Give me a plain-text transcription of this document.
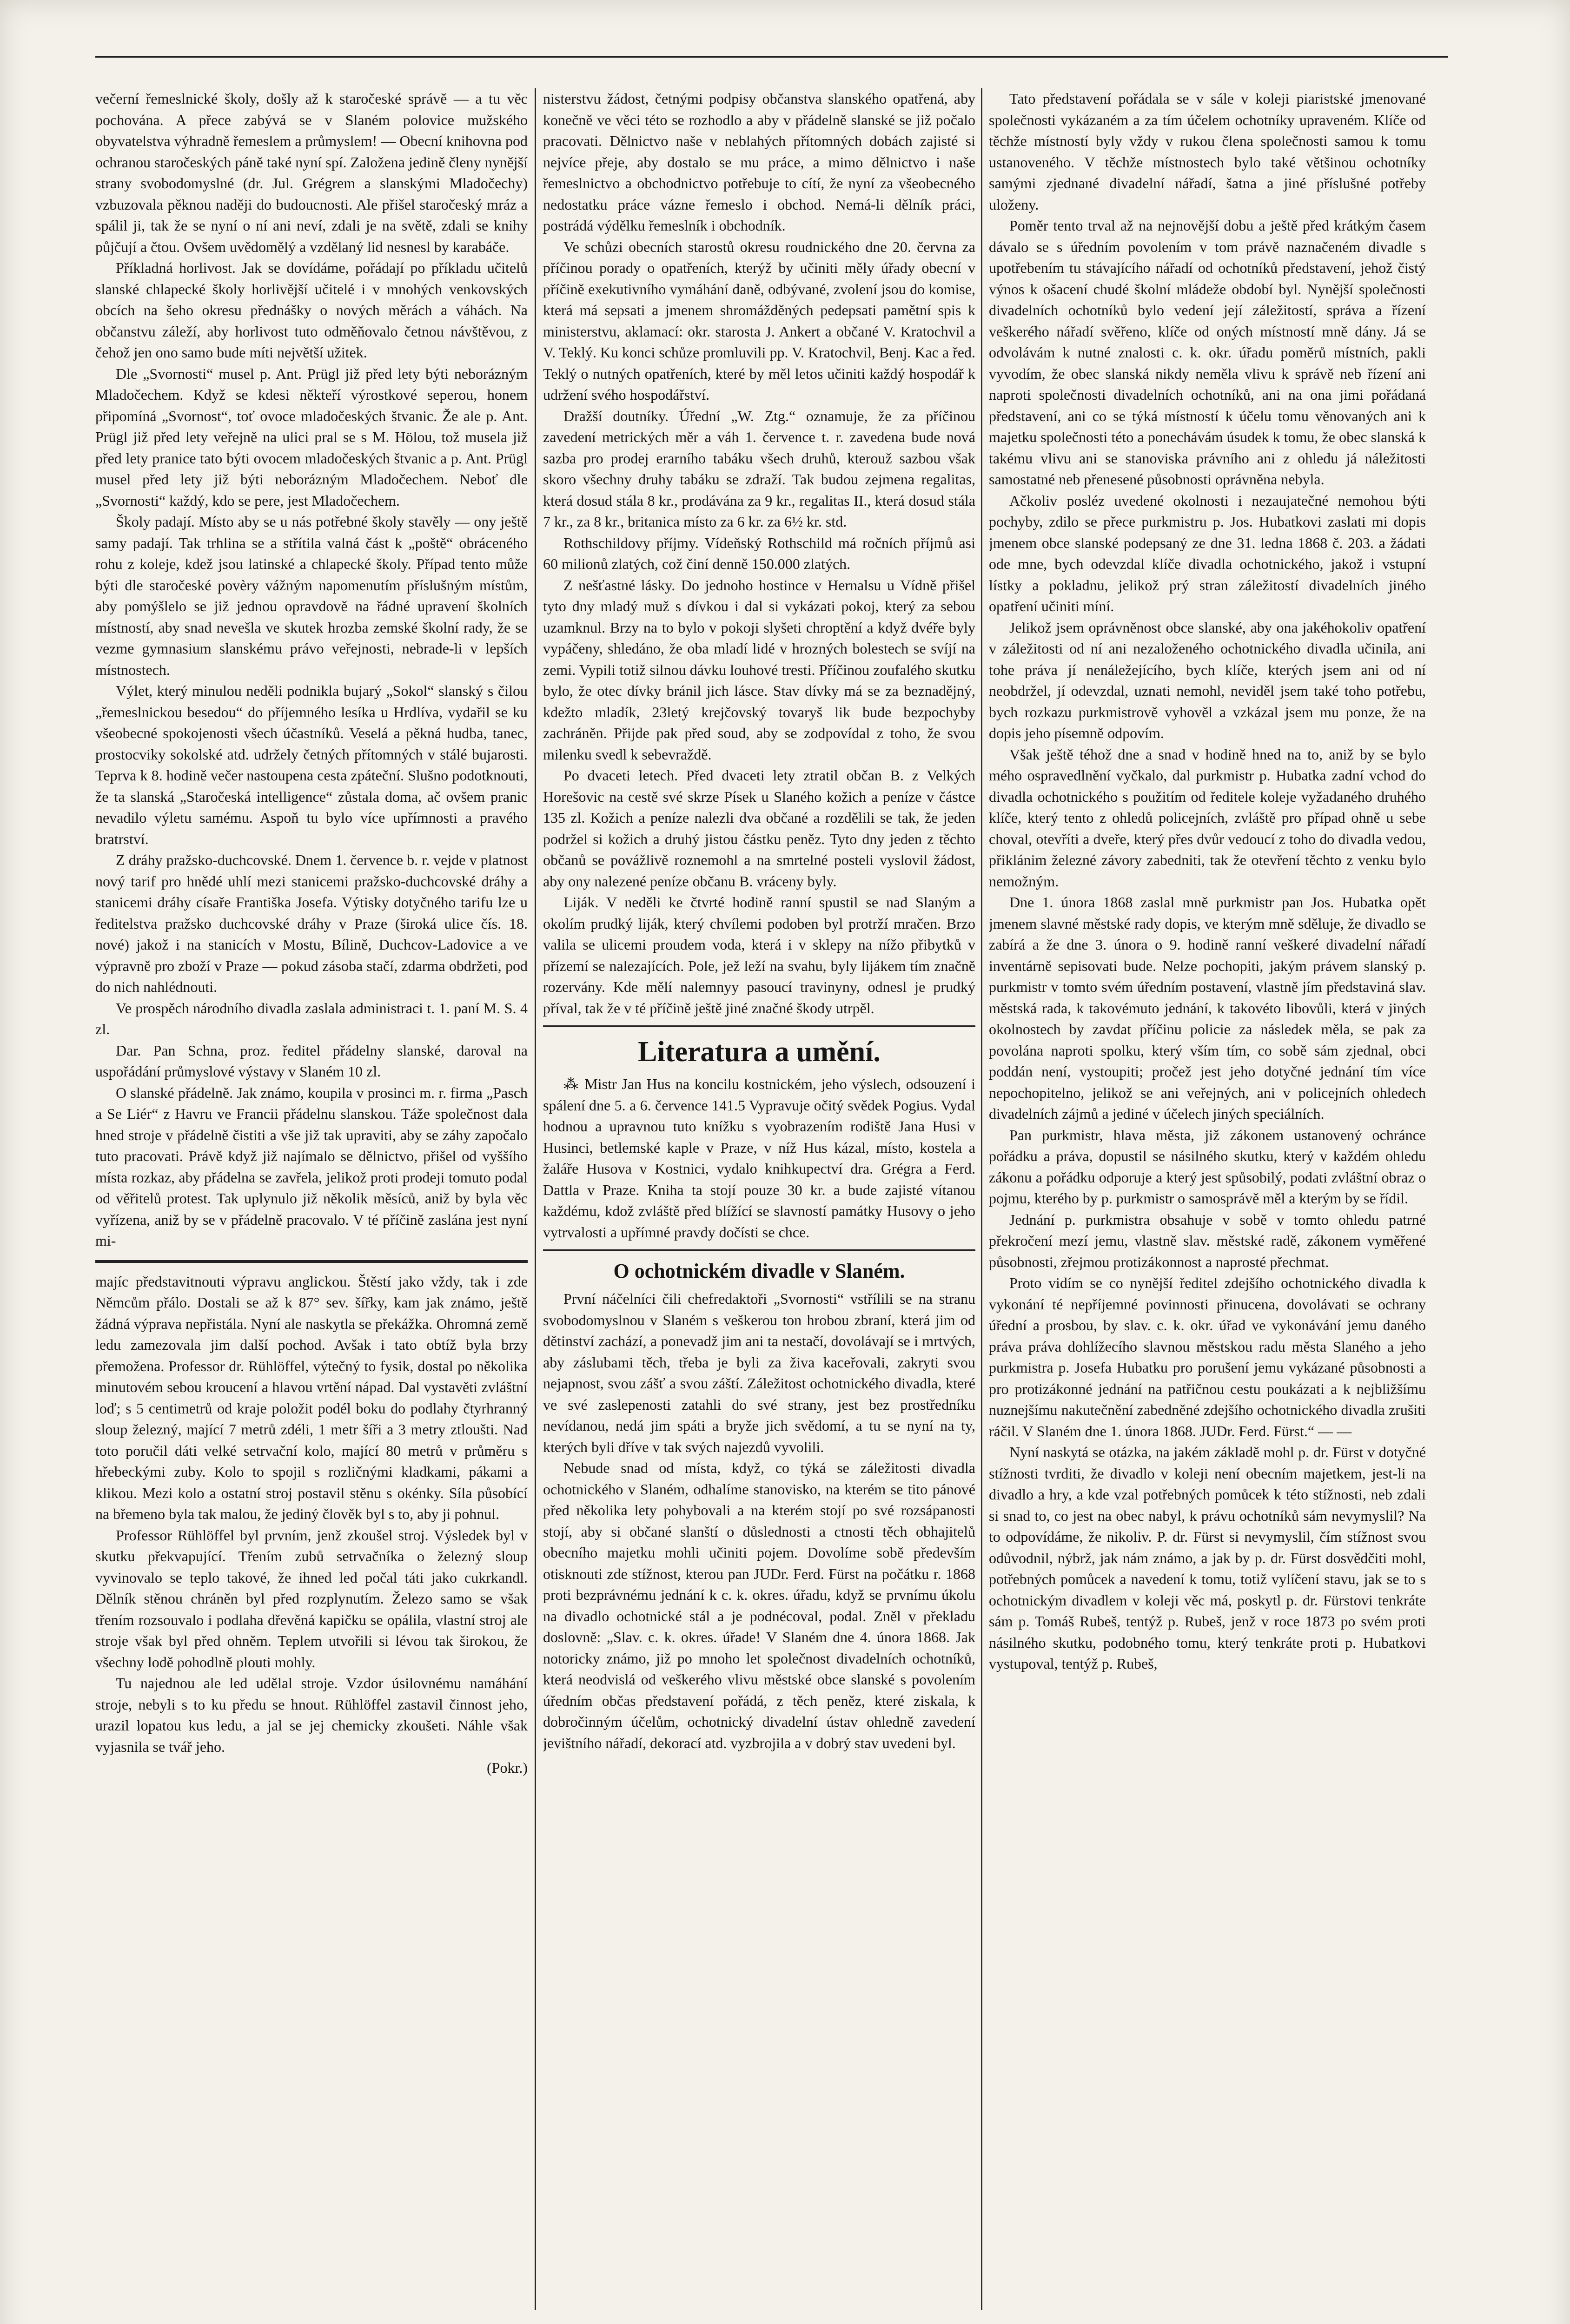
večerní řemeslnické školy, došly až k staročeské správě — a tu věc pochována. A přece zabývá se v Slaném polovice mužského obyvatelstva výhradně řemeslem a průmyslem! — Obecní knihovna pod ochranou staročeských páně také nyní spí. Založena jedině členy nynější strany svobodomyslné (dr. Jul. Grégrem a slanskými Mladočechy) vzbuzovala pěknou naději do budoucnosti. Ale přišel staročeský mráz a spálil ji, tak že se nyní o ní ani neví, zdali je na světě, zdali se knihy půjčují a čtou. Ovšem uvědomělý a vzdělaný lid nesnesl by karabáče.

Příkladná horlivost. Jak se dovídáme, pořádají po příkladu učitelů slanské chlapecké školy horlivější učitelé i v mnohých venkovských obcích na šeho okresu přednášky o nových měrách a váhách. Na občanstvu záleží, aby horlivost tuto odměňovalo četnou návštěvou, z čehož jen ono samo bude míti největší užitek.

Dle „Svornosti“ musel p. Ant. Prügl již před lety býti neborázným Mladočechem. Když se kdesi někteří výrostkové seperou, honem připomíná „Svornost“, toť ovoce mladočeských štvanic. Že ale p. Ant. Prügl již před lety veřejně na ulici pral se s M. Hölou, tož musela již před lety pranice tato býti ovocem mladočeských štvanic a p. Ant. Prügl musel před lety již býti neborázným Mladočechem. Neboť dle „Svornosti“ každý, kdo se pere, jest Mladočechem.

Školy padají. Místo aby se u nás potřebné školy stavěly — ony ještě samy padají. Tak trhlina se a střítila valná část k „poště“ obráceného rohu z koleje, kdež jsou latinské a chlapecké školy. Případ tento může býti dle staročeské povèry vážným napomenutím příslušným místům, aby pomýšlelo se již jednou opravdově na řádné upravení školních místností, aby snad nevešla ve skutek hrozba zemské školní rady, že se vezme gymnasium slanskému právo veřejnosti, nebrade-li v lepších místnostech.

Výlet, který minulou neděli podnikla bujarý „Sokol“ slanský s čilou „řemeslnickou besedou“ do příjemného lesíka u Hrdlíva, vydařil se ku všeobecné spokojenosti všech účastníků. Veselá a pěkná hudba, tanec, prostocviky sokolské atd. udržely četných přítomných v stálé bujarosti. Teprva k 8. hodině večer nastoupena cesta zpáteční. Slušno podotknouti, že ta slanská „Staročeská intelligence“ zůstala doma, ač ovšem pranic nevadilo výletu samému. Aspoň tu bylo více upřímnosti a pravého bratrství.

Z dráhy pražsko-duchcovské. Dnem 1. července b. r. vejde v platnost nový tarif pro hnědé uhlí mezi stanicemi pražsko-duchcovské dráhy a stanicemi dráhy císaře Františka Josefa. Výtisky dotyčného tarifu lze u ředitelstva pražsko duchcovské dráhy v Praze (široká ulice čís. 18. nové) jakož i na stanicích v Mostu, Bílině, Duchcov-Ladovice a ve výpravně pro zboží v Praze — pokud zásoba stačí, zdarma obdržeti, pod do nich nahlédnouti.

Ve prospěch národního divadla zaslala administraci t. 1. paní M. S. 4 zl.

Dar. Pan Schna, proz. ředitel přádelny slanské, daroval na uspořádání průmyslové výstavy v Slaném 10 zl.

O slanské přádelně. Jak známo, koupila v prosinci m. r. firma „Pasch a Se Liér“ z Havru ve Francii přádelnu slanskou. Táže společnost dala hned stroje v přádelně čistiti a vše již tak upraviti, aby se záhy započalo tuto pracovati. Právě když již najímalo se dělnictvo, přišel od vyššího místa rozkaz, aby přádelna se zavřela, jelikož proti prodeji tomuto podal od věřitelů protest. Tak uplynulo již několik měsíců, aniž by byla věc vyřízena, aniž by se v přádelně pracovalo. V té příčině zaslána jest nyní mi-

majíc představitnouti výpravu anglickou. Štěstí jako vždy, tak i zde Němcům přálo. Dostali se až k 87° sev. šířky, kam jak známo, ještě žádná výprava nepřistála. Nyní ale naskytla se překážka. Ohromná země ledu zamezovala jim další pochod. Avšak i tato obtíž byla brzy přemožena. Professor dr. Rühlöffel, výtečný to fysik, dostal po několika minutovém sebou kroucení a hlavou vrtění nápad. Dal vystavěti zvláštní loď; s 5 centimetrů od kraje položit podél boku do podlahy čtyrhranný sloup železný, mající 7 metrů zdéli, 1 metr šíři a 3 metry ztloušti. Nad toto poručil dáti velké setrvační kolo, mající 80 metrů v průměru s hřebeckými zuby. Kolo to spojil s rozličnými kladkami, pákami a klikou. Mezi kolo a ostatní stroj postavil stěnu s okénky. Síla působící na břemeno byla tak malou, že jediný člověk byl s to, aby ji pohnul.

Professor Rühlöffel byl prvním, jenž zkoušel stroj. Výsledek byl v skutku překvapující. Třením zubů setrvačníka o železný sloup vyvinovalo se teplo takové, že ihned led počal táti jako cukrkandl. Dělník stěnou chráněn byl před rozplynutím. Železo samo se však třením rozsouvalo i podlaha dřevěná kapičku se opálila, vlastní stroj ale stroje však byl před ohněm. Teplem utvořili si lévou tak širokou, že všechny lodě pohodlně plouti mohly.

Tu najednou ale led udělal stroje. Vzdor úsilovnému namáhání stroje, nebyli s to ku předu se hnout. Rühlöffel zastavil činnost jeho, urazil lopatou kus ledu, a jal se jej chemicky zkoušeti. Náhle však vyjasnila se tvář jeho.

(Pokr.)

nisterstvu žádost, četnými podpisy občanstva slanského opatřená, aby konečně ve věci této se rozhodlo a aby v přádelně slanské se již počalo pracovati. Dělnictvo naše v neblahých přítomných dobách zajisté si nejvíce přeje, aby dostalo se mu práce, a mimo dělnictvo i naše řemeslnictvo a obchodnictvo potřebuje to cítí, že nyní za všeobecného nedostatku práce vázne řemeslo i obchod. Nemá-li dělník práci, postrádá výdělku řemeslník i obchodník.

Ve schůzi obecních starostů okresu roudnického dne 20. června za příčinou porady o opatřeních, kterýž by učiniti měly úřady obecní v příčině exekutivního vymáhání daně, odbývané, zvolení jsou do komise, která má sepsati a jmenem shromážděných pedepsati pamětní spis k ministerstvu, aklamací: okr. starosta J. Ankert a občané V. Kratochvil a V. Teklý. Ku konci schůze promluvili pp. V. Kratochvil, Benj. Kac a řed. Teklý o nutných opatřeních, které by měl letos učiniti každý hospodář k udržení svého hospodářství.

Dražší doutníky. Úřední „W. Ztg.“ oznamuje, že za příčinou zavedení metrických měr a váh 1. července t. r. zavedena bude nová sazba pro prodej erarního tabáku všech druhů, kterouž sazbou však skoro všechny druhy tabáku se zdraží. Tak budou zejmena regalitas, která dosud stála 8 kr., prodávána za 9 kr., regalitas II., která dosud stála 7 kr., za 8 kr., britanica místo za 6 kr. za 6½ kr. std.

Rothschildovy příjmy. Vídeňský Rothschild má ročních příjmů asi 60 milionů zlatých, což činí denně 150.000 zlatých.

Z nešťastné lásky. Do jednoho hostince v Hernalsu u Vídně přišel tyto dny mladý muž s dívkou i dal si vykázati pokoj, který za sebou uzamknul. Brzy na to bylo v pokoji slyšeti chroptění a když dvéře byly vypáčeny, shledáno, že oba mladí lidé v hrozných bolestech se svíjí na zemi. Vypili totiž silnou dávku louhové tresti. Příčinou zoufalého skutku bylo, že otec dívky bránil jich lásce. Stav dívky má se za beznadějný, kdežto mladík, 23letý krejčovský tovaryš lik bude bezpochyby zachráněn. Přijde pak před soud, aby se zodpovídal z toho, že svou milenku svedl k sebevraždě.

Po dvaceti letech. Před dvaceti lety ztratil občan B. z Velkých Horešovic na cestě své skrze Písek u Slaného kožich a peníze v částce 135 zl. Kožich a peníze nalezli dva občané a rozdělili se tak, že jeden podržel si kožich a druhý jistou částku peněz. Tyto dny jeden z těchto občanů se povážlivě roznemohl a na smrtelné posteli vyslovil žádost, aby ony nalezené peníze občanu B. vráceny byly.

Liják. V neděli ke čtvrté hodině ranní spustil se nad Slaným a okolím prudký liják, který chvílemi podoben byl protrží mračen. Brzo valila se ulicemi proudem voda, která i v sklepy na nížo přibytků v přízemí se nalezajících. Pole, jež leží na svahu, byly lijákem tím značně rozervány. Kde mělí nalemnyy pasoucí travinyny, odnesl je prudký příval, tak že v té příčině ještě jiné značné škody utrpěl.

Literatura a umění.

⁂ Mistr Jan Hus na koncilu kostnickém, jeho výslech, odsouzení i spálení dne 5. a 6. července 141.5 Vypravuje očitý svědek Pogius. Vydal hodnou a upravnou tuto knížku s vyobrazením rodiště Jana Husi v Husinci, betlemské kaple v Praze, v níž Hus kázal, místo, kostela a žaláře Husova v Kostnici, vydalo knihkupectví dra. Grégra a Ferd. Dattla v Praze. Kniha ta stojí pouze 30 kr. a bude zajisté vítanou každému, kdož zvláště před blížící se slavností památky Husovy o jeho vytrvalosti a upřímné pravdy dočísti se chce.

O ochotnickém divadle v Slaném.

První náčelníci čili chefredaktoři „Svornosti“ vstřílili se na stranu svobodomyslnou v Slaném s veškerou ton hrobou zbraní, která jim od dětinství zachází, a ponevadž jim ani ta nestačí, dovolávají se i mrtvých, aby záslubami těch, třeba je byli za živa kaceřovali, zakryti svou nejapnost, svou zášť a svou záští. Záležitost ochotnického divadla, které ve své zaslepenosti zatahli do své strany, jest bez prostředníku nevídanou, nedá jim spáti a bryže jich svědomí, a tu se nyní na ty, kterých byli dříve v tak svých najezdů vyvolili.

Nebude snad od místa, když, co týká se záležitosti divadla ochotnického v Slaném, odhalíme stanovisko, na kterém se tito pánové před několika lety pohybovali a na kterém stojí po své rozsápanosti stojí, aby si občané slanští o důslednosti a ctnosti těch obhajitelů obecního majetku mohli učiniti pojem. Dovolíme sobě především otisknouti zde stížnost, kterou pan JUDr. Ferd. Fürst na počátku r. 1868 proti bezprávnému jednání k c. k. okres. úřadu, když se prvnímu úkolu na divadlo ochotnické stál a je podnécoval, podal. Zněl v překladu doslovně: „Slav. c. k. okres. úřade! V Slaném dne 4. února 1868. Jak notoricky známo, již po mnoho let společnost divadelních ochotníků, která neodvislá od veškerého vlivu městské obce slanské s povolením úředním občas představení pořádá, z těch peněz, které ziskala, k dobročinným účelům, ochotnický divadelní ústav ohledně zavedení jevištního nářadí, dekorací atd. vyzbrojila a v dobrý stav uvedeni byl.

Tato představení pořádala se v sále v koleji piaristské jmenované společnosti vykázaném a za tím účelem ochotníky upraveném. Klíče od těchže místností byly vždy v rukou člena společnosti samou k tomu ustanoveného. V těchže místnostech bylo také většinou ochotníky samými zjednané divadelní nářadí, šatna a jiné příslušné potřeby uloženy.

Poměr tento trval až na nejnovější dobu a ještě před krátkým časem dávalo se s úředním povolením v tom právě naznačeném divadle s upotřebením tu stávajícího nářadí od ochotníků představení, jehož čistý výnos k ošacení chudé školní mládeže období byl. Nynější společnosti divadelních ochotníků bylo vedení její záležitostí, správa a řízení veškerého nářadí svěřeno, klíče od oných místností mně dány. Já se odvolávám k nutné znalosti c. k. okr. úřadu poměrů místních, pakli vyvodím, že obec slanská nikdy neměla vlivu k správě neb řízení ani naproti společnosti divadelních ochotníků, ani na ona jimi pořádaná představení, ani co se týká místností k účelu tomu věnovaných ani k majetku společnosti této a ponechávám úsudek k tomu, že obec slanská k takému vlivu ani se stanoviska právního ani z ohledu já náležitosti samostatné neb přenesené působnosti oprávněna nebyla.

Ačkoliv posléz uvedené okolnosti i nezaujatečné nemohou býti pochyby, zdilo se přece purkmistru p. Jos. Hubatkovi zaslati mi dopis jmenem obce slanské podepsaný ze dne 31. ledna 1868 č. 203. a žádati ode mne, bych odevzdal klíče divadla ochotnického, jakož i vstupní lístky a pokladnu, jelikož prý stran záležitostí divadelních jiného opatření učiniti míní.

Jelikož jsem oprávněnost obce slanské, aby ona jakéhokoliv opatření v záležitosti od ní ani nezaloženého ochotnického divadla učinila, ani tohe práva jí nenáležejícího, bych klíče, kterých jsem ani od ní neobdržel, jí odevzdal, uznati nemohl, neviděl jsem také toho potřebu, bych rozkazu purkmistrově vyhověl a vzkázal jsem mu ponze, že na dopis jeho písemně odpovím.

Však ještě téhož dne a snad v hodině hned na to, aniž by se bylo mého ospravedlnění vyčkalo, dal purkmistr p. Hubatka zadní vchod do divadla ochotnického s použitím od ředitele koleje vyžadaného druhého klíče, který tento z ohledů policejních, zvláště pro případ ohně u sebe choval, otevříti a dveře, který přes dvůr vedoucí z toho do divadla vedou, přiklánim železné závory zabedniti, tak že otevření těchto z venku bylo nemožným.

Dne 1. února 1868 zaslal mně purkmistr pan Jos. Hubatka opět jmenem slavné městské rady dopis, ve kterým mně sděluje, že divadlo se zabírá a že dne 3. února o 9. hodině ranní veškeré divadelní nářadí inventárně sepisovati bude. Nelze pochopiti, jakým právem slanský p. purkmistr v tomto svém úředním postavení, vlastně jím představiná slav. městská rada, k takovémuto jednání, k takovéto libovůli, která v jiných okolnostech by zavdat příčinu policie za následek měla, se pak za povolána naproti spolku, který vším tím, co sobě sám zjednal, obci poddán není, vystoupiti; pročež jest jeho dotyčné jednání tím více nepochopitelno, jelikož se ani veřejných, ani v policejních ohledech divadelních zájmů a jediné v účelech jiných speciálních.

Pan purkmistr, hlava města, již zákonem ustanovený ochránce pořádku a práva, dopustil se násilného skutku, který v každém ohledu zákonu a pořádku odporuje a který jest spůsobilý, podati zvláštní obraz o pojmu, kterého by p. purkmistr o samosprávě měl a kterým by se řídil.

Jednání p. purkmistra obsahuje v sobě v tomto ohledu patrné překročení mezí jemu, vlastně slav. městské radě, zákonem vyměřené působnosti, zřejmou protizákonnost a naprosté přechmat.

Proto vidím se co nynější ředitel zdejšího ochotnického divadla k vykonání té nepříjemné povinnosti přinucena, dovolávati se ochrany úřední a prosbou, by slav. c. k. okr. úřad ve vykonávání jemu daného práva práva dohlížecího slavnou městskou radu města Slaného a jeho purkmistra p. Josefa Hubatku pro porušení jemu vykázané působnosti a pro protizákonné jednání na patřičnou cestu poukázati a k nejbližšímu nuznejšímu nakutečnění zabedněné zdejšího ochotnického divadla zrušiti ráčil. V Slaném dne 1. února 1868. JUDr. Ferd. Fürst.“ — —

Nyní naskytá se otázka, na jakém základě mohl p. dr. Fürst v dotyčné stížnosti tvrditi, že divadlo v koleji není obecním majetkem, jest-li na divadlo a hry, a kde vzal potřebných pomůcek k této stížnosti, neb zdali si snad to, co jest na obec nabyl, k právu ochotníků sám nevymyslil? Na to odpovídáme, že nikoliv. P. dr. Fürst si nevymyslil, čím stížnost svou odůvodnil, nýbrž, jak nám známo, a jak by p. dr. Fürst dosvědčiti mohl, potřebných pomůcek a navedení k tomu, totiž vylíčení stavu, jak se to s ochotnickým divadlem v koleji věc má, poskytl p. dr. Fürstovi tenkráte sám p. Tomáš Rubeš, tentýž p. Rubeš, jenž v roce 1873 po svém proti násilného skutku, podobného tomu, který tenkráte proti p. Hubatkovi vystupoval, tentýž p. Rubeš,
